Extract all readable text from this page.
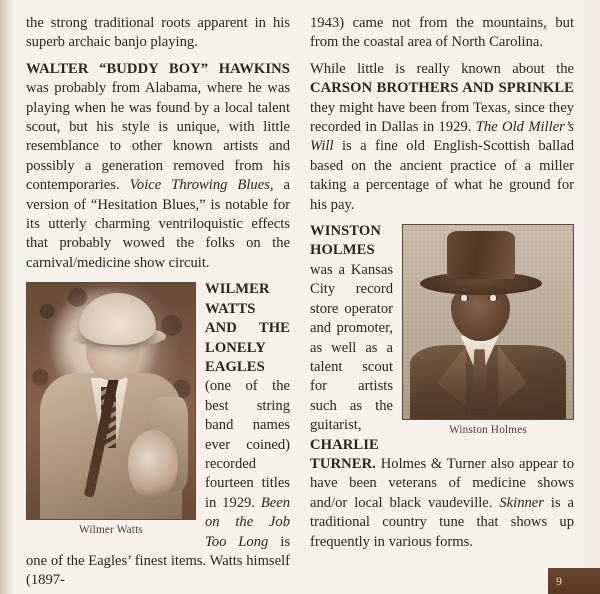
the strong traditional roots apparent in his superb archaic banjo playing.

WALTER “BUDDY BOY” HAWKINS was probably from Alabama, where he was playing when he was found by a local talent scout, but his style is unique, with little resemblance to other known artists and possibly a generation removed from his contemporaries. Voice Throwing Blues, a version of “Hesitation Blues,” is notable for its utterly charming ventriloquistic effects that probably wowed the folks on the carnival/medicine show circuit.

Wilmer Watts
WILMER WATTS AND THE LONELY EAGLES (one of the best string band names ever coined) recorded fourteen titles in 1929. Been on the Job Too Long is one of the Eagles’ finest items. Watts himself (1897-

1943) came not from the mountains, but from the coastal area of North Carolina.

While little is really known about the CARSON BROTHERS AND SPRINKLE they might have been from Texas, since they recorded in Dallas in 1929. The Old Miller’s Will is a fine old English-Scottish ballad based on the ancient practice of a miller taking a percentage of what he ground for his pay.

Winston Holmes
WINSTON HOLMES was a Kansas City record store operator and promoter, as well as a talent scout for artists such as the guitarist, CHARLIE TURNER. Holmes & Turner also appear to have been veterans of medicine shows and/or local black vaudeville. Skinner is a traditional country tune that shows up frequently in various forms.

9
